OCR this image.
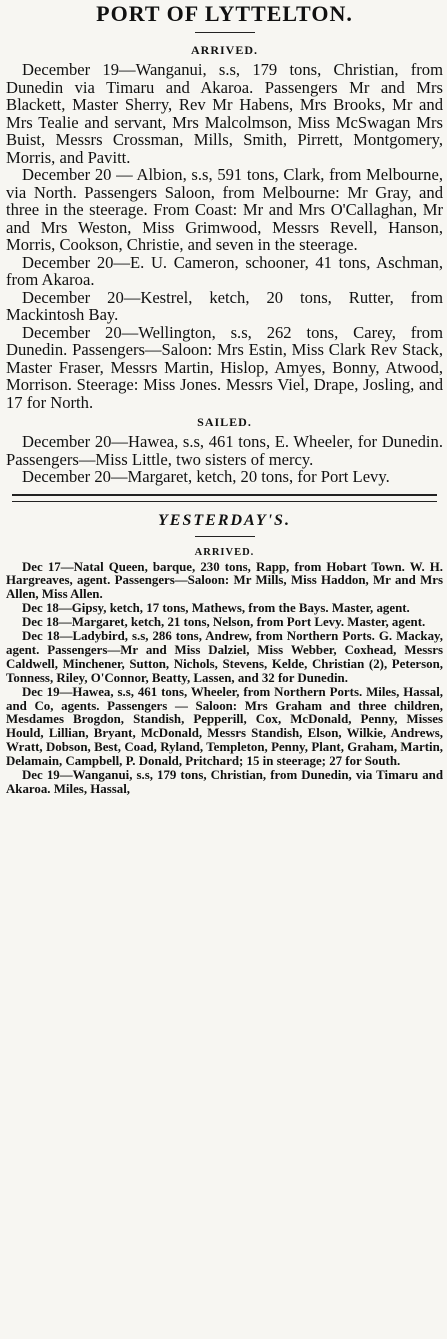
PORT OF LYTTELTON.
ARRIVED.

December 19—Wanganui, s.s, 179 tons, Christian, from Dunedin via Timaru and Akaroa. Passengers Mr and Mrs Blackett, Master Sherry, Rev Mr Habens, Mrs Brooks, Mr and Mrs Tealie and servant, Mrs Malcolmson, Miss McSwagan Mrs Buist, Messrs Crossman, Mills, Smith, Pirrett, Montgomery, Morris, and Pavitt.

December 20 — Albion, s.s, 591 tons, Clark, from Melbourne, via North. Passengers Saloon, from Melbourne: Mr Gray, and three in the steerage. From Coast: Mr and Mrs O'Callaghan, Mr and Mrs Weston, Miss Grimwood, Messrs Revell, Hanson, Morris, Cookson, Christie, and seven in the steerage.

December 20—E. U. Cameron, schooner, 41 tons, Aschman, from Akaroa.

December 20—Kestrel, ketch, 20 tons, Rutter, from Mackintosh Bay.

December 20—Wellington, s.s, 262 tons, Carey, from Dunedin. Passengers—Saloon: Mrs Estin, Miss Clark Rev Stack, Master Fraser, Messrs Martin, Hislop, Amyes, Bonny, Atwood, Morrison. Steerage: Miss Jones. Messrs Viel, Drape, Josling, and 17 for North.

SAILED.

December 20—Hawea, s.s, 461 tons, E. Wheeler, for Dunedin. Passengers—Miss Little, two sisters of mercy.

December 20—Margaret, ketch, 20 tons, for Port Levy.

YESTERDAY'S.
ARRIVED.

Dec 17—Natal Queen, barque, 230 tons, Rapp, from Hobart Town. W. H. Hargreaves, agent. Passengers—Saloon: Mr Mills, Miss Haddon, Mr and Mrs Allen, Miss Allen.

Dec 18—Gipsy, ketch, 17 tons, Mathews, from the Bays. Master, agent.

Dec 18—Margaret, ketch, 21 tons, Nelson, from Port Levy. Master, agent.

Dec 18—Ladybird, s.s, 286 tons, Andrew, from Northern Ports. G. Mackay, agent. Passengers—Mr and Miss Dalziel, Miss Webber, Coxhead, Messrs Caldwell, Minchener, Sutton, Nichols, Stevens, Kelde, Christian (2), Peterson, Tonness, Riley, O'Connor, Beatty, Lassen, and 32 for Dunedin.

Dec 19—Hawea, s.s, 461 tons, Wheeler, from Northern Ports. Miles, Hassal, and Co, agents. Passengers — Saloon: Mrs Graham and three children, Mesdames Brogdon, Standish, Pepperill, Cox, McDonald, Penny, Misses Hould, Lillian, Bryant, McDonald, Messrs Standish, Elson, Wilkie, Andrews, Wratt, Dobson, Best, Coad, Ryland, Templeton, Penny, Plant, Graham, Martin, Delamain, Campbell, P. Donald, Pritchard; 15 in steerage; 27 for South.

Dec 19—Wanganui, s.s, 179 tons, Christian, from Dunedin, via Timaru and Akaroa. Miles, Hassal,
